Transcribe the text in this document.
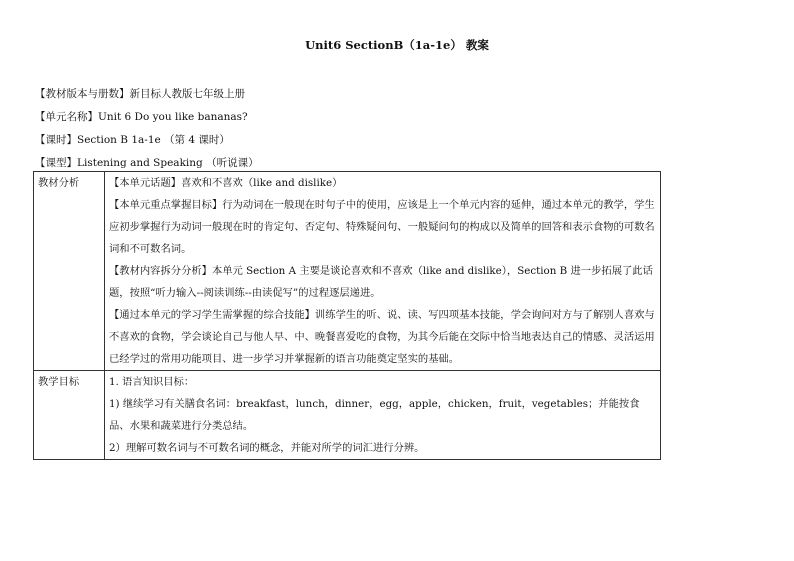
Unit6 SectionB（1a-1e） 教案
【教材版本与册数】新目标人教版七年级上册
【单元名称】Unit 6 Do you like bananas?
【课时】Section B 1a-1e （第 4 课时）
【课型】Listening and Speaking （听说课）
教材分析	【本单元话题】喜欢和不喜欢（like and dislike）

【本单元重点掌握目标】行为动词在一般现在时句子中的使用，应该是上一个单元内容的延伸，通过本单元的教学，学生应初步掌握行为动词一般现在时的肯定句、否定句、特殊疑问句、一般疑问句的构成以及简单的回答和表示食物的可数名词和不可数名词。

【教材内容拆分分析】本单元 Section A 主要是谈论喜欢和不喜欢（like and dislike），Section B 进一步拓展了此话题，按照“听力输入--阅读训练--由读促写”的过程逐层递进。

【通过本单元的学习学生需掌握的综合技能】训练学生的听、说、读、写四项基本技能，学会询问对方与了解别人喜欢与不喜欢的食物，学会谈论自己与他人早、中、晚餐喜爱吃的食物，为其今后能在交际中恰当地表达自己的情感、灵活运用已经学过的常用功能项目、进一步学习并掌握新的语言功能奠定坚实的基础。

教学目标	1. 语言知识目标：

1) 继续学习有关膳食名词：breakfast，lunch，dinner，egg，apple，chicken，fruit，vegetables；并能按食品、水果和蔬菜进行分类总结。

2）理解可数名词与不可数名词的概念，并能对所学的词汇进行分辨。
